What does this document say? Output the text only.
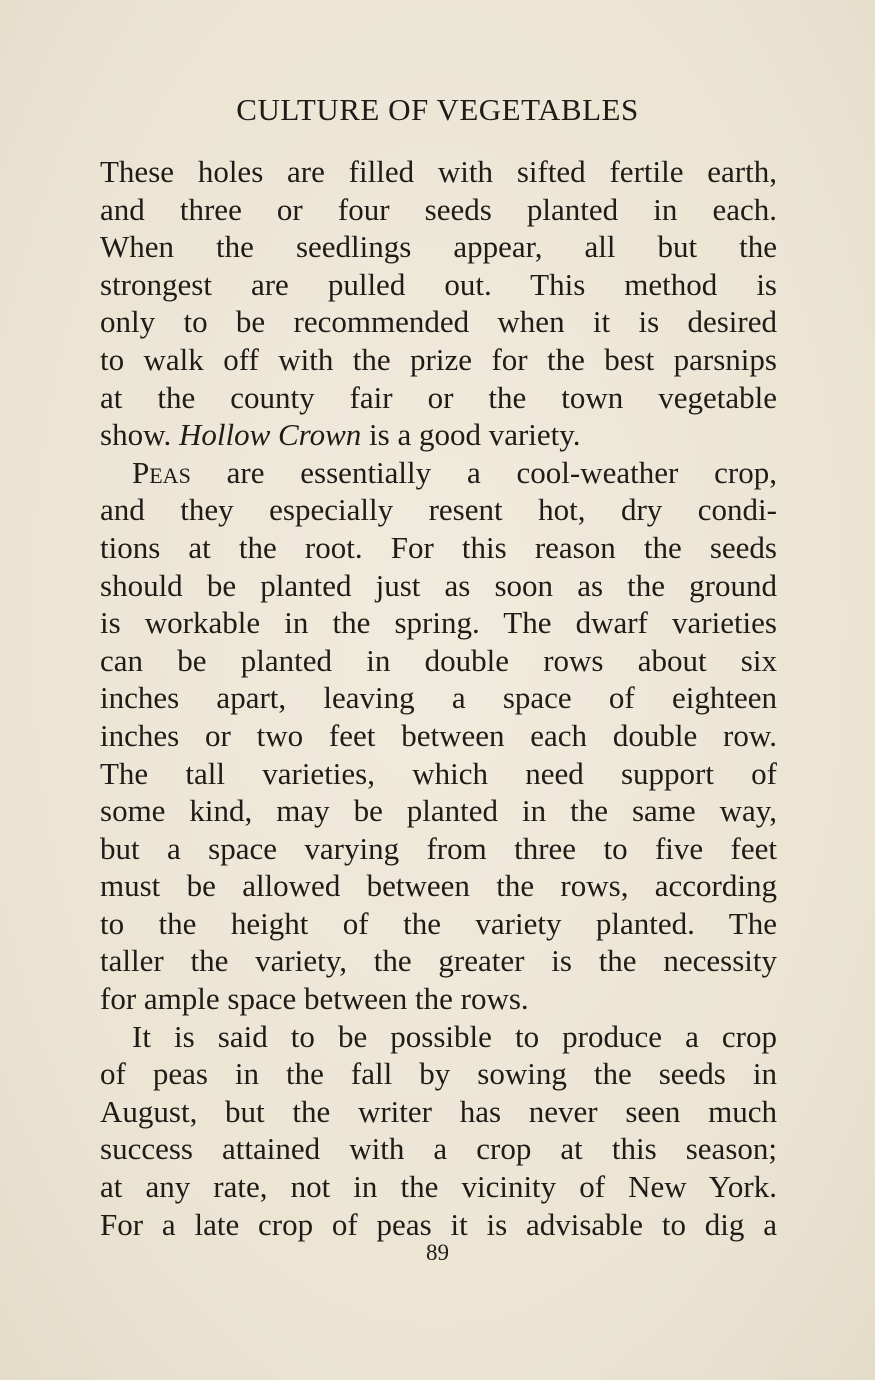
CULTURE OF VEGETABLES
These holes are filled with sifted fertile earth,
and three or four seeds planted in each.
When the seedlings appear, all but the
strongest are pulled out. This method is
only to be recommended when it is desired
to walk off with the prize for the best parsnips
at the county fair or the town vegetable
show. Hollow Crown is a good variety.
Peas are essentially a cool-weather crop,
and they especially resent hot, dry condi-
tions at the root. For this reason the seeds
should be planted just as soon as the ground
is workable in the spring. The dwarf varieties
can be planted in double rows about six
inches apart, leaving a space of eighteen
inches or two feet between each double row.
The tall varieties, which need support of
some kind, may be planted in the same way,
but a space varying from three to five feet
must be allowed between the rows, according
to the height of the variety planted. The
taller the variety, the greater is the necessity
for ample space between the rows.
It is said to be possible to produce a crop
of peas in the fall by sowing the seeds in
August, but the writer has never seen much
success attained with a crop at this season;
at any rate, not in the vicinity of New York.
For a late crop of peas it is advisable to dig a
89
